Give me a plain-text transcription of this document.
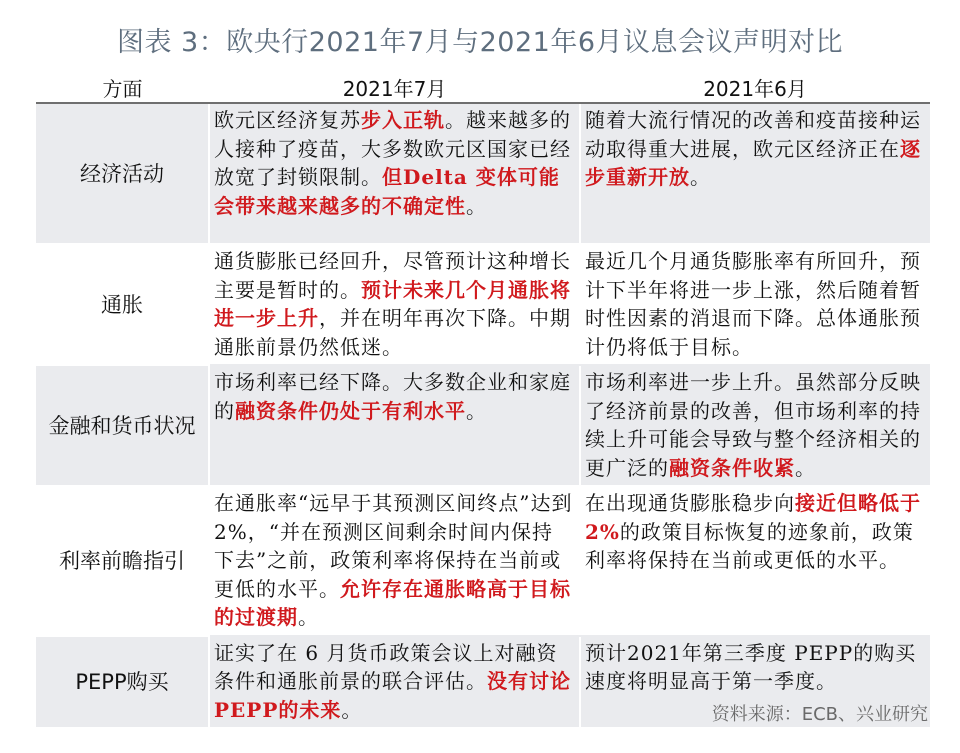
图表 3：欧央行2021年7月与2021年6月议息会议声明对比
方面	2021年7月	2021年6月
经济活动	欧元区经济复苏步入正轨。越来越多的人接种了疫苗，大多数欧元区国家已经放宽了封锁限制。但Delta 变体可能会带来越来越多的不确定性。	随着大流行情况的改善和疫苗接种运动取得重大进展，欧元区经济正在逐步重新开放。
通胀	通货膨胀已经回升，尽管预计这种增长主要是暂时的。预计未来几个月通胀将进一步上升，并在明年再次下降。中期通胀前景仍然低迷。	最近几个月通货膨胀率有所回升，预计下半年将进一步上涨，然后随着暂时性因素的消退而下降。总体通胀预计仍将低于目标。
金融和货币状况	市场利率已经下降。大多数企业和家庭的融资条件仍处于有利水平。	市场利率进一步上升。虽然部分反映了经济前景的改善，但市场利率的持续上升可能会导致与整个经济相关的更广泛的融资条件收紧。
利率前瞻指引	在通胀率“远早于其预测区间终点”达到2%，“并在预测区间剩余时间内保持下去”之前，政策利率将保持在当前或更低的水平。允许存在通胀略高于目标的过渡期。	在出现通货膨胀稳步向接近但略低于2%的政策目标恢复的迹象前，政策利率将保持在当前或更低的水平。
PEPP购买	证实了在 6 月货币政策会议上对融资条件和通胀前景的联合评估。没有讨论PEPP的未来。	预计2021年第三季度 PEPP的购买速度将明显高于第一季度。
资料来源：ECB、兴业研究
